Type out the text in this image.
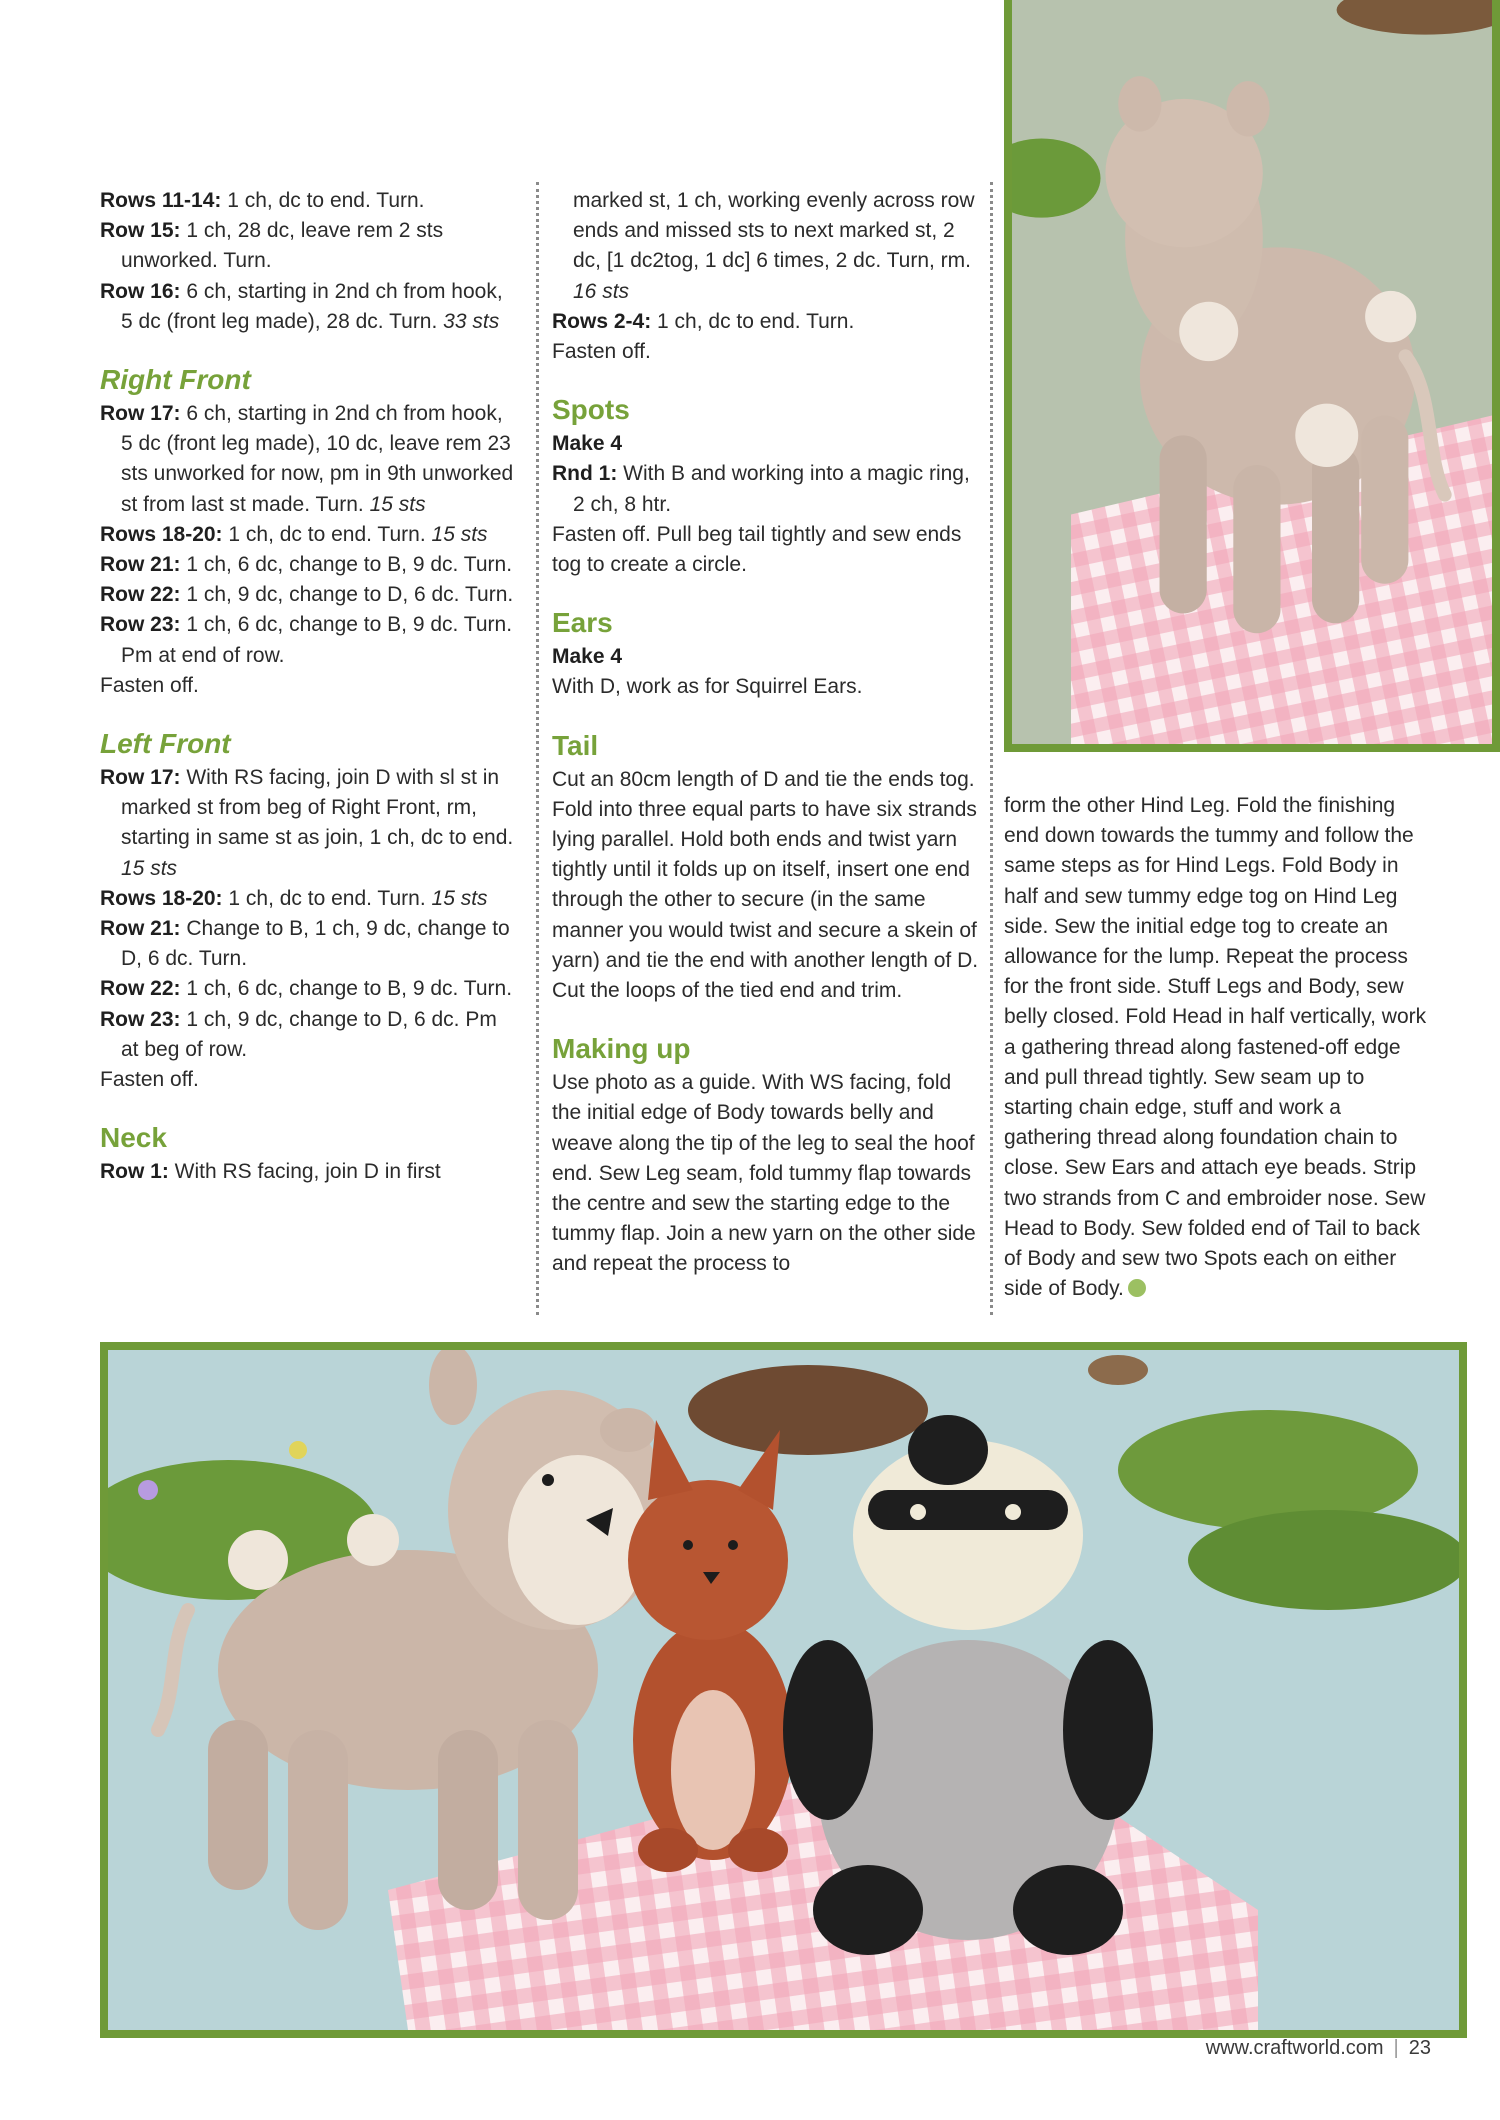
Rows 11-14: 1 ch, dc to end. Turn.

Row 15: 1 ch, 28 dc, leave rem 2 sts unworked. Turn.

Row 16: 6 ch, starting in 2nd ch from hook, 5 dc (front leg made), 28 dc. Turn. 33 sts

Right Front

Row 17: 6 ch, starting in 2nd ch from hook, 5 dc (front leg made), 10 dc, leave rem 23 sts unworked for now, pm in 9th unworked st from last st made. Turn. 15 sts

Rows 18-20: 1 ch, dc to end. Turn. 15 sts

Row 21: 1 ch, 6 dc, change to B, 9 dc. Turn.

Row 22: 1 ch, 9 dc, change to D, 6 dc. Turn.

Row 23: 1 ch, 6 dc, change to B, 9 dc. Turn. Pm at end of row.

Fasten off.

Left Front

Row 17: With RS facing, join D with sl st in marked st from beg of Right Front, rm, starting in same st as join, 1 ch, dc to end. 15 sts

Rows 18-20: 1 ch, dc to end. Turn. 15 sts

Row 21: Change to B, 1 ch, 9 dc, change to D, 6 dc. Turn.

Row 22: 1 ch, 6 dc, change to B, 9 dc. Turn.

Row 23: 1 ch, 9 dc, change to D, 6 dc. Pm at beg of row.

Fasten off.

Neck

Row 1: With RS facing, join D in first

marked st, 1 ch, working evenly across row ends and missed sts to next marked st, 2 dc, [1 dc2tog, 1 dc] 6 times, 2 dc. Turn, rm. 16 sts

Rows 2-4: 1 ch, dc to end. Turn.

Fasten off.

Spots

Make 4

Rnd 1: With B and working into a magic ring, 2 ch, 8 htr.

Fasten off. Pull beg tail tightly and sew ends tog to create a circle.

Ears

Make 4

With D, work as for Squirrel Ears.

Tail

Cut an 80cm length of D and tie the ends tog. Fold into three equal parts to have six strands lying parallel. Hold both ends and twist yarn tightly until it folds up on itself, insert one end through the other to secure (in the same manner you would twist and secure a skein of yarn) and tie the end with another length of D. Cut the loops of the tied end and trim.

Making up

Use photo as a guide. With WS facing, fold the initial edge of Body towards belly and weave along the tip of the leg to seal the hoof end. Sew Leg seam, fold tummy flap towards the centre and sew the starting edge to the tummy flap. Join a new yarn on the other side and repeat the process to

form the other Hind Leg. Fold the finishing end down towards the tummy and follow the same steps as for Hind Legs. Fold Body in half and sew tummy edge tog on Hind Leg side. Sew the initial edge tog to create an allowance for the lump. Repeat the process for the front side. Stuff Legs and Body, sew belly closed. Fold Head in half vertically, work a gathering thread along fastened-off edge and pull thread tightly. Sew seam up to starting chain edge, stuff and work a gathering thread along foundation chain to close. Sew Ears and attach eye beads. Strip two strands from C and embroider nose. Sew Head to Body. Sew folded end of Tail to back of Body and sew two Spots each on either side of Body.

www.craftworld.com | 23
